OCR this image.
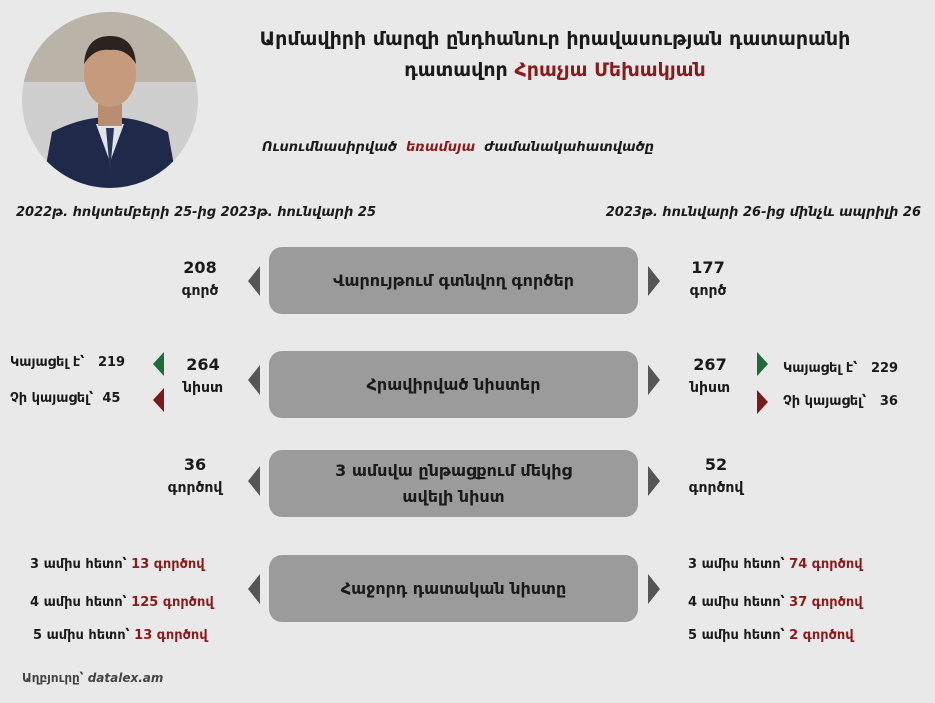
Արմավիրի մարզի ընդհանուր իրավասության դատարանի
դատավոր Հրաչյա Մեխակյան
Ուսումնասիրված եռամսյա ժամանակահատվածը
2022թ. հոկտեմբերի 25-ից 2023թ. հունվարի 25	2023թ. հունվարի 26-ից մինչև ապրիլի 26
208
գործ
Վարույթում գտնվող գործեր
177
գործ
Կայացել է՝ 219
Չի կայացել՝ 45
264
նիստ	Հրավիրված նիստեր
267
նիստ
Կայացել է՝ 229
Չի կայացել՝ 36
36
գործով
3 ամսվա ընթացքում մեկից
ավելի նիստ
52
գործով
3 ամիս հետո՝ 13 գործով
4 ամիս հետո՝ 125 գործով
5 ամիս հետո՝ 13 գործով
Հաջորդ դատական նիստը
3 ամիս հետո՝ 74 գործով
4 ամիս հետո՝ 37 գործով
5 ամիս հետո՝ 2 գործով
Աղբյուրը՝ datalex.am
